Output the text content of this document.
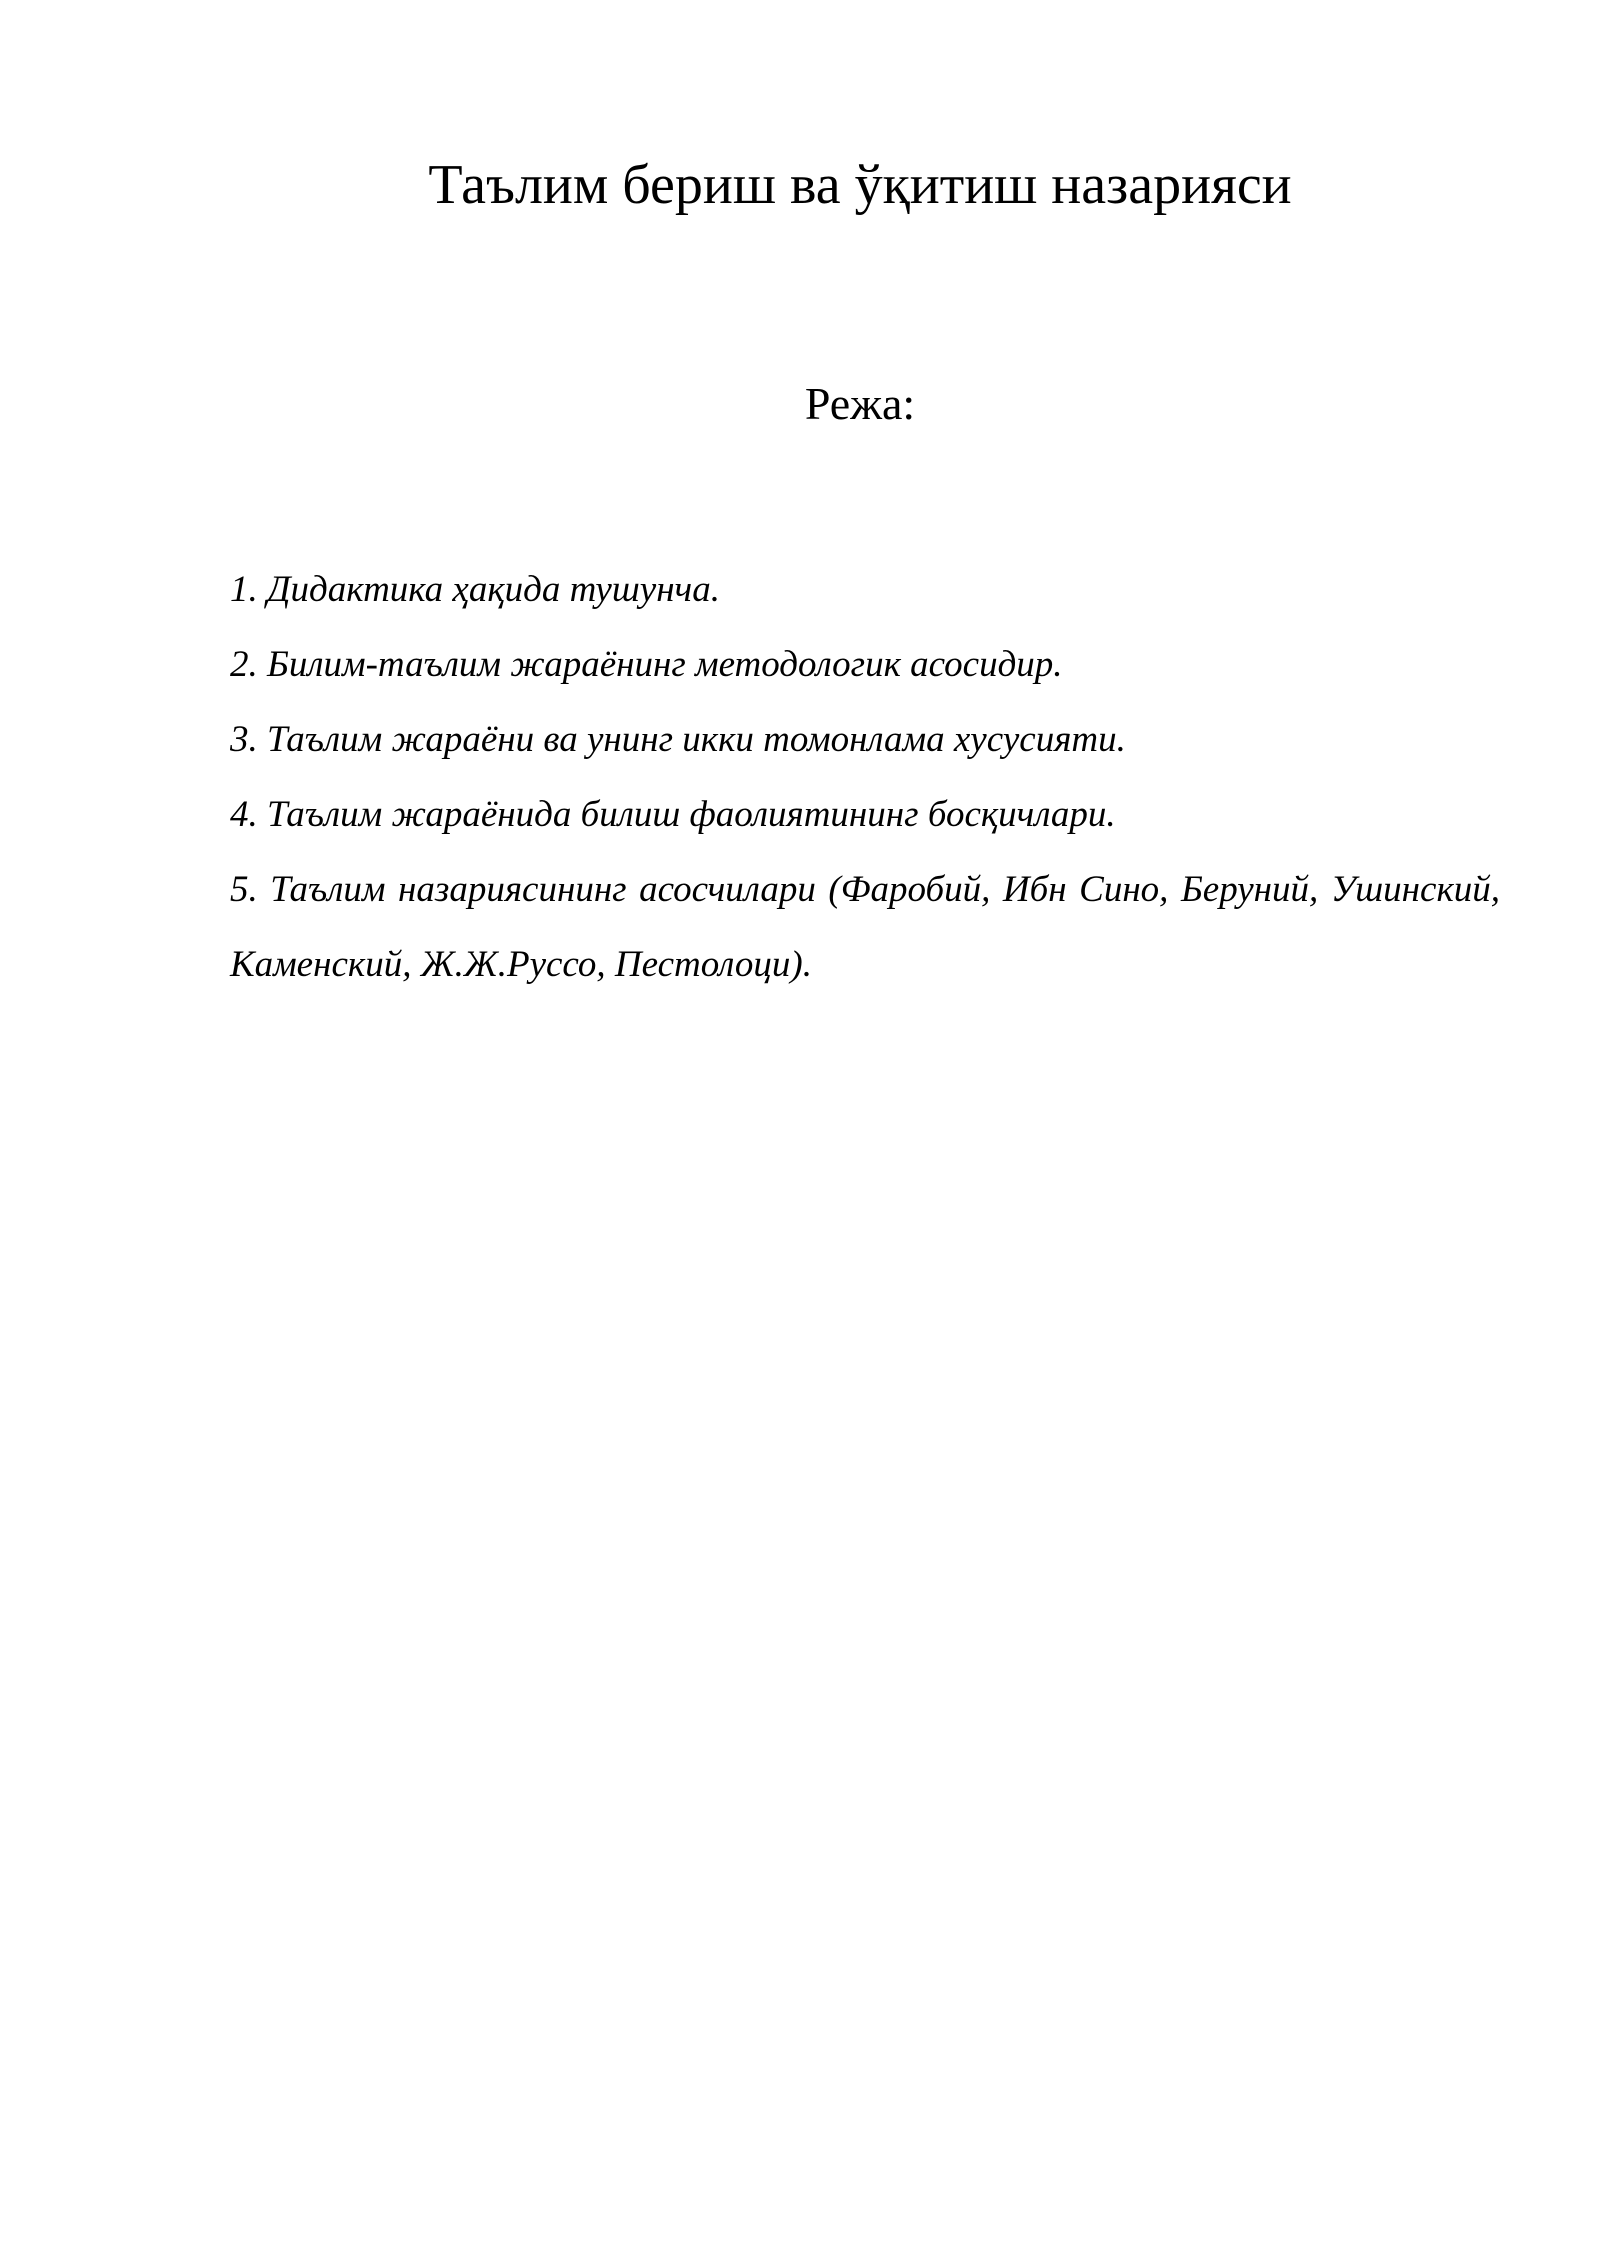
Таълим бериш ва ўқитиш назарияси
Режа:
1. Дидактика ҳақида тушунча.
2. Билим-таълим жараёнинг методологик асосидир.
3. Таълим жараёни ва унинг икки томонлама хусусияти.
4. Таълим жараёнида билиш фаолиятининг босқичлари.
5. Таълим назариясининг асосчилари (Фаробий, Ибн Сино, Беруний, Ушинский, Каменский, Ж.Ж.Руссо, Пестолоци).
